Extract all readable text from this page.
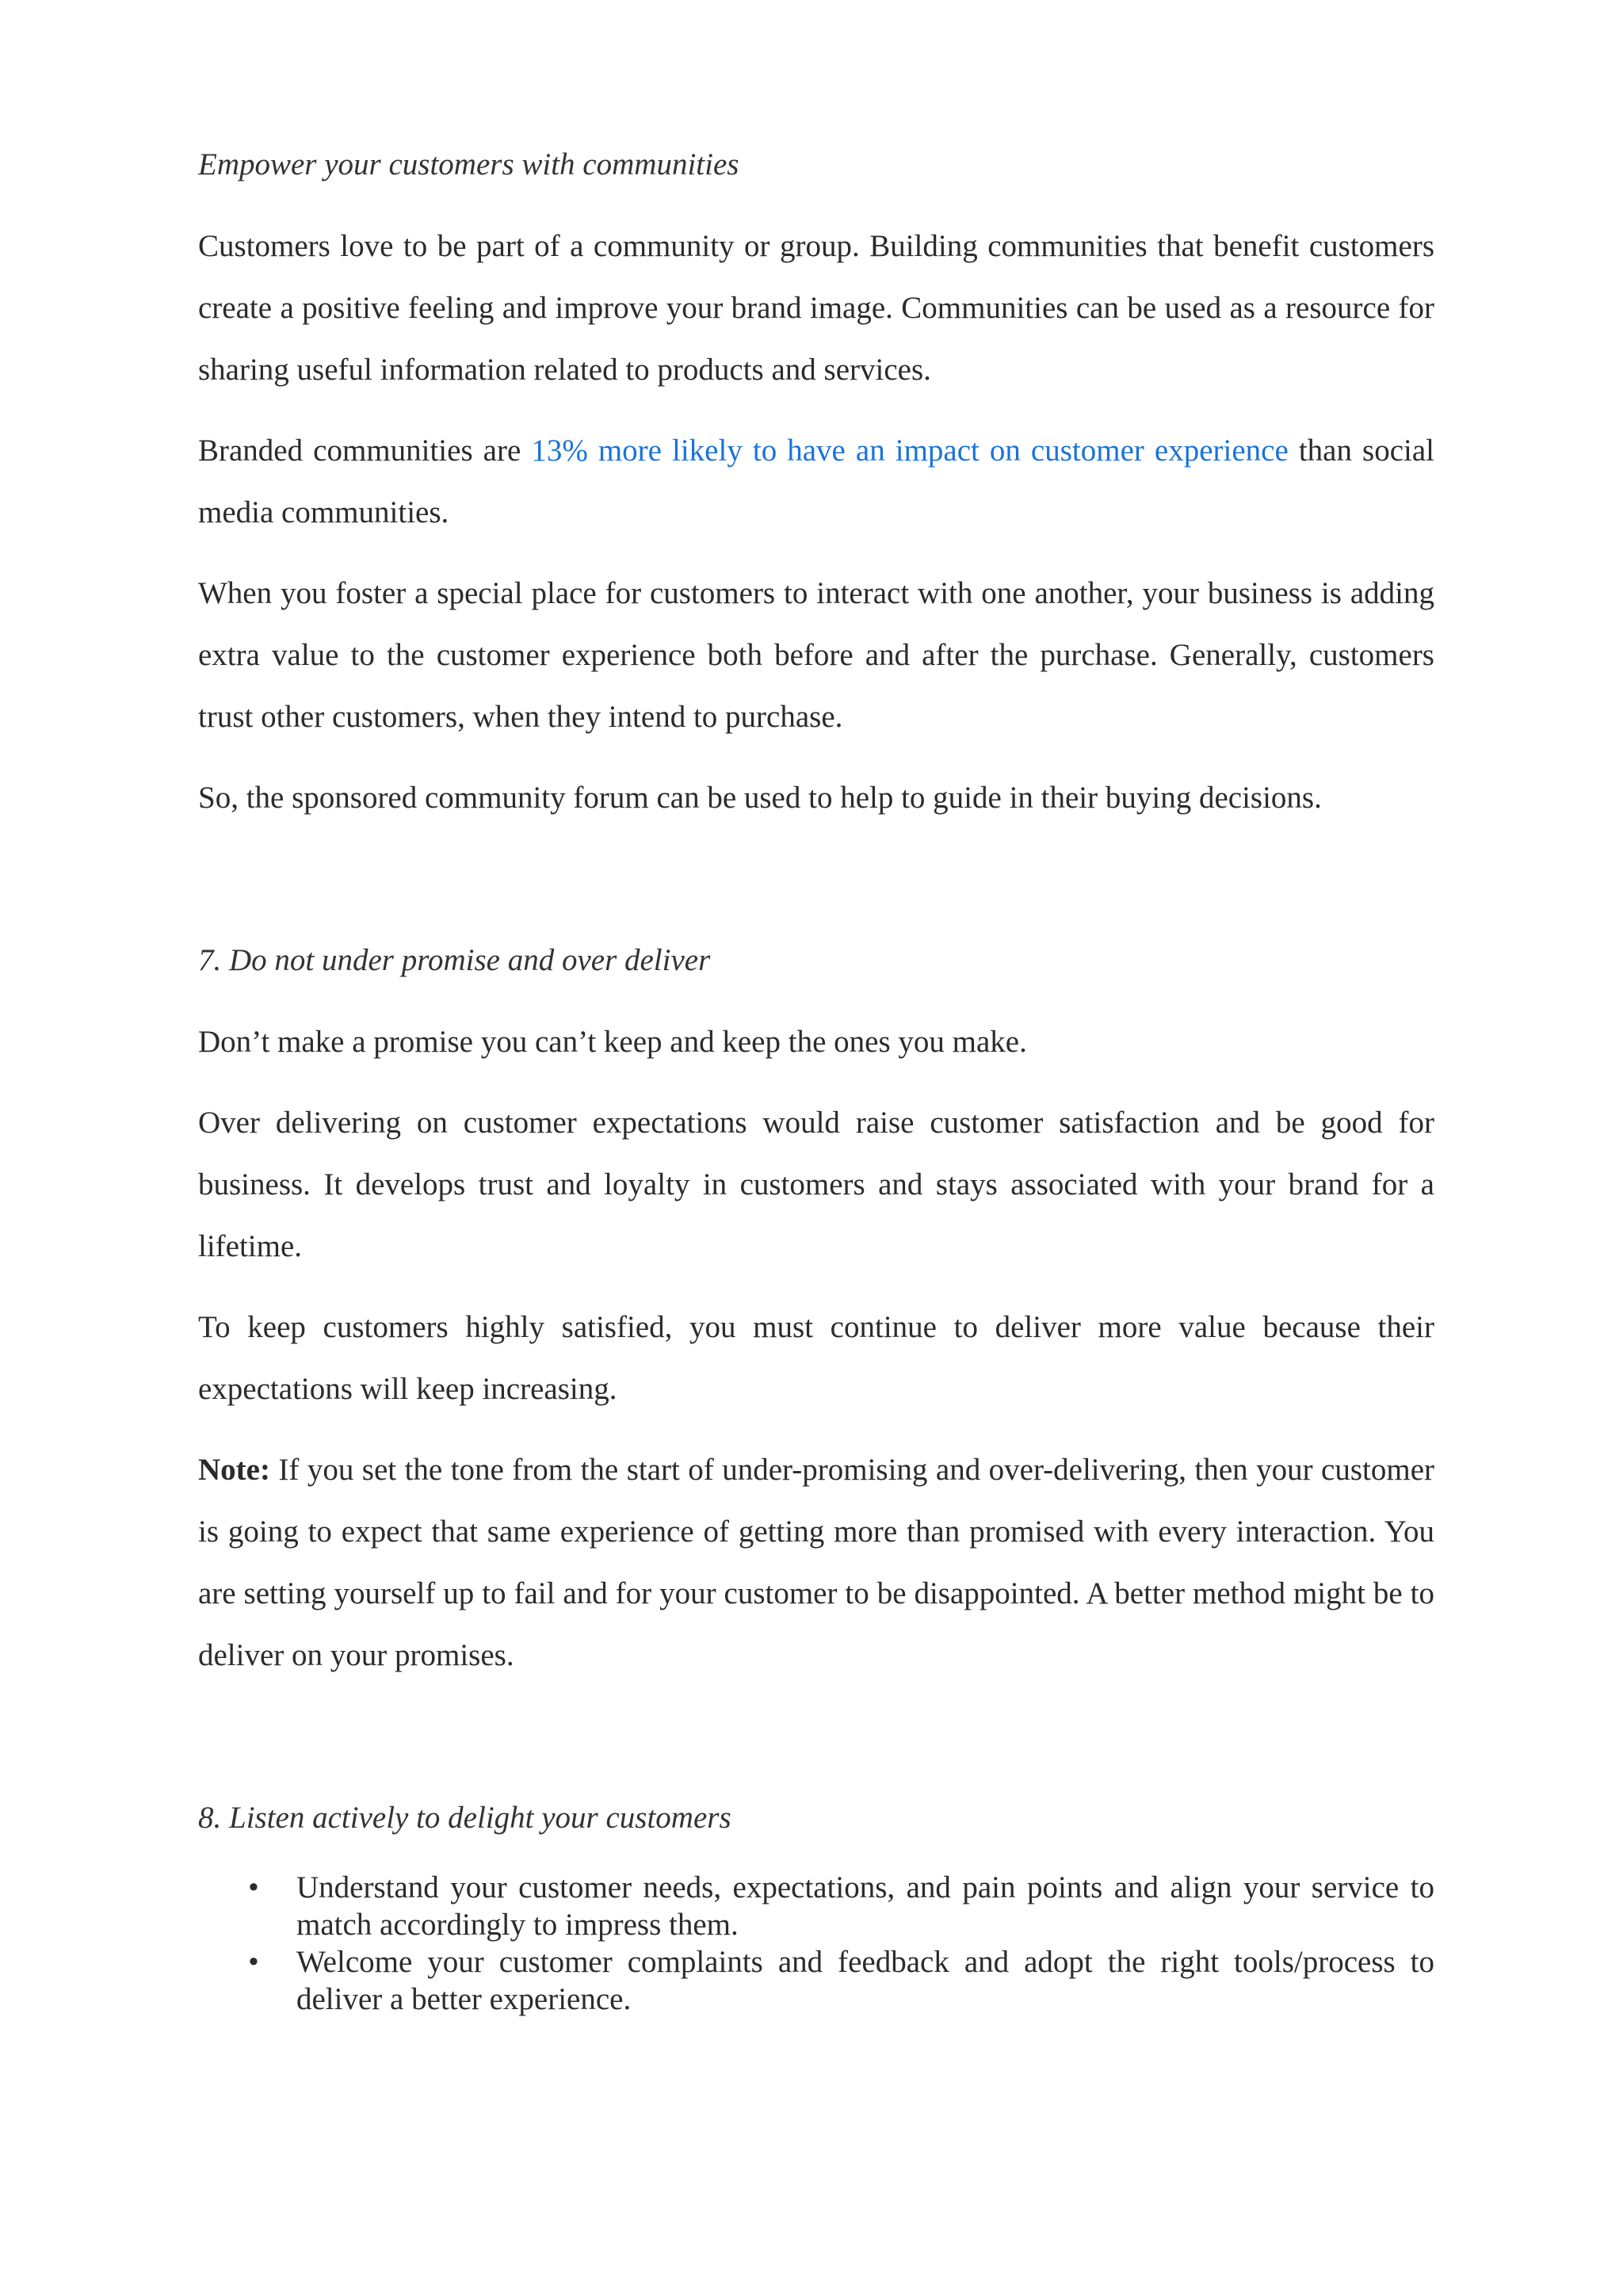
Empower your customers with communities

Customers love to be part of a community or group. Building communities that benefit customers create a positive feeling and improve your brand image. Communities can be used as a resource for sharing useful information related to products and services.

Branded communities are 13% more likely to have an impact on customer experience than social media communities.

When you foster a special place for customers to interact with one another, your business is adding extra value to the customer experience both before and after the purchase. Generally, customers trust other customers, when they intend to purchase.

So, the sponsored community forum can be used to help to guide in their buying decisions.

7. Do not under promise and over deliver

Don’t make a promise you can’t keep and keep the ones you make.

Over delivering on customer expectations would raise customer satisfaction and be good for business. It develops trust and loyalty in customers and stays associated with your brand for a lifetime.

To keep customers highly satisfied, you must continue to deliver more value because their expectations will keep increasing.

Note: If you set the tone from the start of under-promising and over-delivering, then your customer is going to expect that same experience of getting more than promised with every interaction. You are setting yourself up to fail and for your customer to be disappointed. A better method might be to deliver on your promises.

8. Listen actively to delight your customers

• Understand your customer needs, expectations, and pain points and align your service to match accordingly to impress them.
• Welcome your customer complaints and feedback and adopt the right tools/process to deliver a better experience.
